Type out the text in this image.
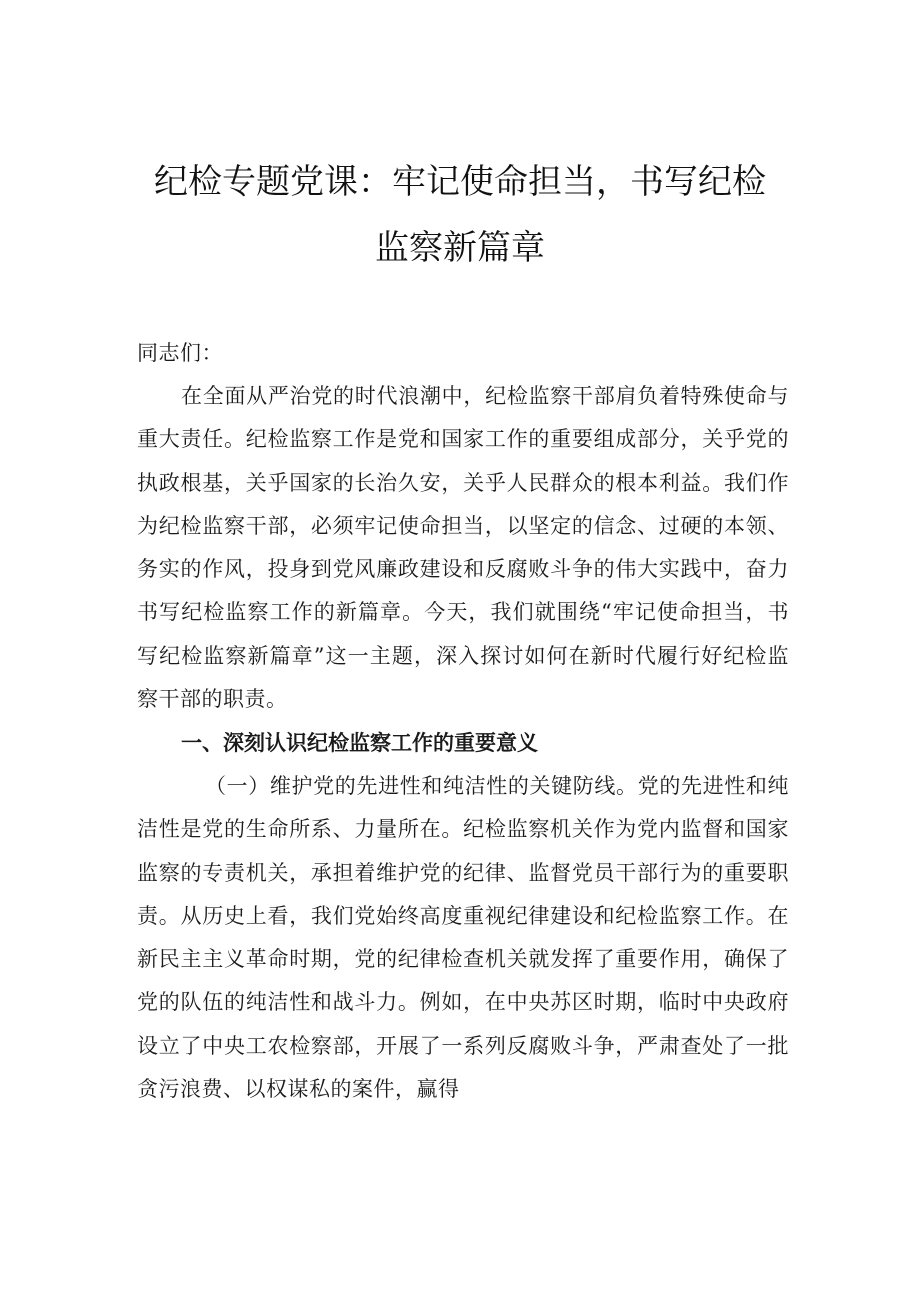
纪检专题党课：牢记使命担当，书写纪检
监察新篇章

同志们：

在全面从严治党的时代浪潮中，纪检监察干部肩负着特殊使命与重大责任。纪检监察工作是党和国家工作的重要组成部分，关乎党的执政根基，关乎国家的长治久安，关乎人民群众的根本利益。我们作为纪检监察干部，必须牢记使命担当，以坚定的信念、过硬的本领、务实的作风，投身到党风廉政建设和反腐败斗争的伟大实践中，奋力书写纪检监察工作的新篇章。今天，我们就围绕“牢记使命担当，书写纪检监察新篇章”这一主题，深入探讨如何在新时代履行好纪检监察干部的职责。

一、深刻认识纪检监察工作的重要意义

（一）维护党的先进性和纯洁性的关键防线。党的先进性和纯洁性是党的生命所系、力量所在。纪检监察机关作为党内监督和国家监察的专责机关，承担着维护党的纪律、监督党员干部行为的重要职责。从历史上看，我们党始终高度重视纪律建设和纪检监察工作。在新民主主义革命时期，党的纪律检查机关就发挥了重要作用，确保了党的队伍的纯洁性和战斗力。例如，在中央苏区时期，临时中央政府设立了中央工农检察部，开展了一系列反腐败斗争，严肃查处了一批贪污浪费、以权谋私的案件，赢得
